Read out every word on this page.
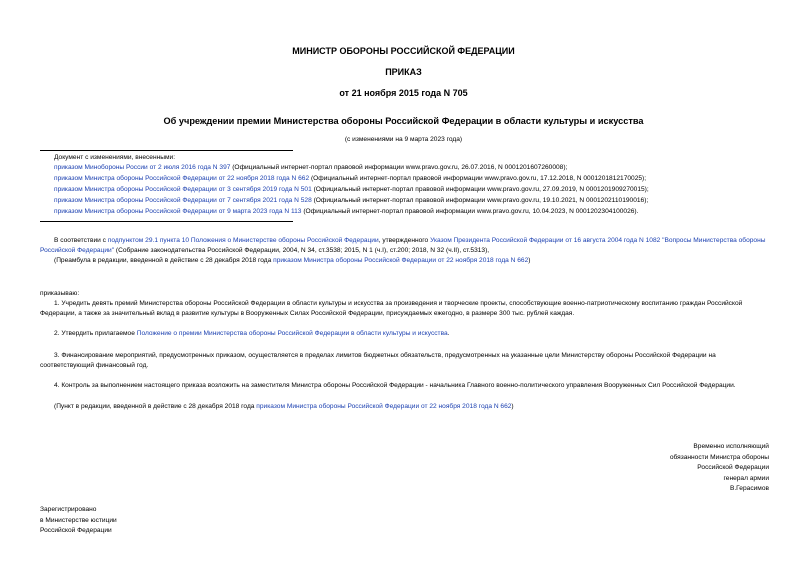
МИНИСТР ОБОРОНЫ РОССИЙСКОЙ ФЕДЕРАЦИИ
ПРИКАЗ
от 21 ноября 2015 года N 705
Об учреждении премии Министерства обороны Российской Федерации в области культуры и искусства
(с изменениями на 9 марта 2023 года)
Документ с изменениями, внесенными:
приказом Минобороны России от 2 июля 2016 года N 397 (Официальный интернет-портал правовой информации www.pravo.gov.ru, 26.07.2016, N 0001201607260008);
приказом Министра обороны Российской Федерации от 22 ноября 2018 года N 662 (Официальный интернет-портал правовой информации www.pravo.gov.ru, 17.12.2018, N 0001201812170025);
приказом Министра обороны Российской Федерации от 3 сентября 2019 года N 501 (Официальный интернет-портал правовой информации www.pravo.gov.ru, 27.09.2019, N 0001201909270015);
приказом Министра обороны Российской Федерации от 7 сентября 2021 года N 528 (Официальный интернет-портал правовой информации www.pravo.gov.ru, 19.10.2021, N 0001202110190016);
приказом Министра обороны Российской Федерации от 9 марта 2023 года N 113 (Официальный интернет-портал правовой информации www.pravo.gov.ru, 10.04.2023, N 0001202304100026).
В соответствии с подпунктом 29.1 пункта 10 Положения о Министерстве обороны Российской Федерации, утвержденного Указом Президента Российской Федерации от 16 августа 2004 года N 1082 "Вопросы Министерства обороны Российской Федерации" (Собрание законодательства Российской Федерации, 2004, N 34, ст.3538; 2015, N 1 (ч.I), ст.200; 2018, N 32 (ч.II), ст.5313),
(Преамбула в редакции, введенной в действие с 28 декабря 2018 года приказом Министра обороны Российской Федерации от 22 ноября 2018 года N 662)
приказываю:
1. Учредить девять премий Министерства обороны Российской Федерации в области культуры и искусства за произведения и творческие проекты, способствующие военно-патриотическому воспитанию граждан Российской Федерации, а также за значительный вклад в развитие культуры в Вооруженных Силах Российской Федерации, присуждаемых ежегодно, в размере 300 тыс. рублей каждая.
2. Утвердить прилагаемое Положение о премии Министерства обороны Российской Федерации в области культуры и искусства.
3. Финансирование мероприятий, предусмотренных приказом, осуществляется в пределах лимитов бюджетных обязательств, предусмотренных на указанные цели Министерству обороны Российской Федерации на соответствующий финансовый год.
4. Контроль за выполнением настоящего приказа возложить на заместителя Министра обороны Российской Федерации - начальника Главного военно-политического управления Вооруженных Сил Российской Федерации.
(Пункт в редакции, введенной в действие с 28 декабря 2018 года приказом Министра обороны Российской Федерации от 22 ноября 2018 года N 662)
Временно исполняющий
обязанности Министра обороны
Российской Федерации
генерал армии
В.Герасимов
Зарегистрировано
в Министерстве юстиции
Российской Федерации
